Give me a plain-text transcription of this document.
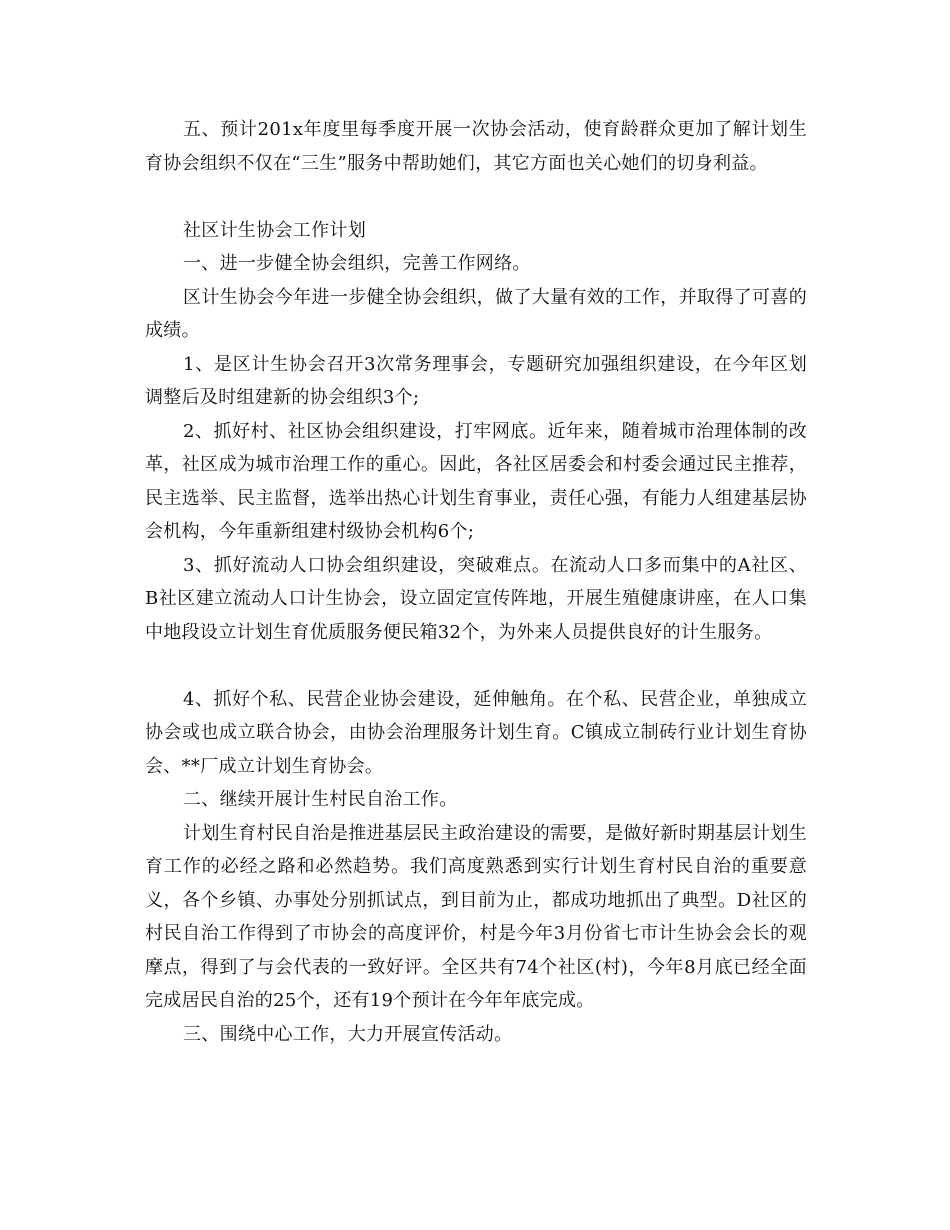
五、预计201x年度里每季度开展一次协会活动，使育龄群众更加了解计划生育协会组织不仅在“三生”服务中帮助她们，其它方面也关心她们的切身利益。

社区计生协会工作计划

一、进一步健全协会组织，完善工作网络。

区计生协会今年进一步健全协会组织，做了大量有效的工作，并取得了可喜的成绩。

1、是区计生协会召开3次常务理事会，专题研究加强组织建设，在今年区划调整后及时组建新的协会组织3个;

2、抓好村、社区协会组织建设，打牢网底。近年来，随着城市治理体制的改革，社区成为城市治理工作的重心。因此，各社区居委会和村委会通过民主推荐，民主选举、民主监督，选举出热心计划生育事业，责任心强，有能力人组建基层协会机构，今年重新组建村级协会机构6个;

3、抓好流动人口协会组织建设，突破难点。在流动人口多而集中的A社区、B社区建立流动人口计生协会，设立固定宣传阵地，开展生殖健康讲座，在人口集中地段设立计划生育优质服务便民箱32个，为外来人员提供良好的计生服务。

4、抓好个私、民营企业协会建设，延伸触角。在个私、民营企业，单独成立协会或也成立联合协会，由协会治理服务计划生育。C镇成立制砖行业计划生育协会、**厂成立计划生育协会。

二、继续开展计生村民自治工作。

计划生育村民自治是推进基层民主政治建设的需要，是做好新时期基层计划生育工作的必经之路和必然趋势。我们高度熟悉到实行计划生育村民自治的重要意义，各个乡镇、办事处分别抓试点，到目前为止，都成功地抓出了典型。D社区的村民自治工作得到了市协会的高度评价，村是今年3月份省七市计生协会会长的观摩点，得到了与会代表的一致好评。全区共有74个社区(村)，今年8月底已经全面完成居民自治的25个，还有19个预计在今年年底完成。

三、围绕中心工作，大力开展宣传活动。
